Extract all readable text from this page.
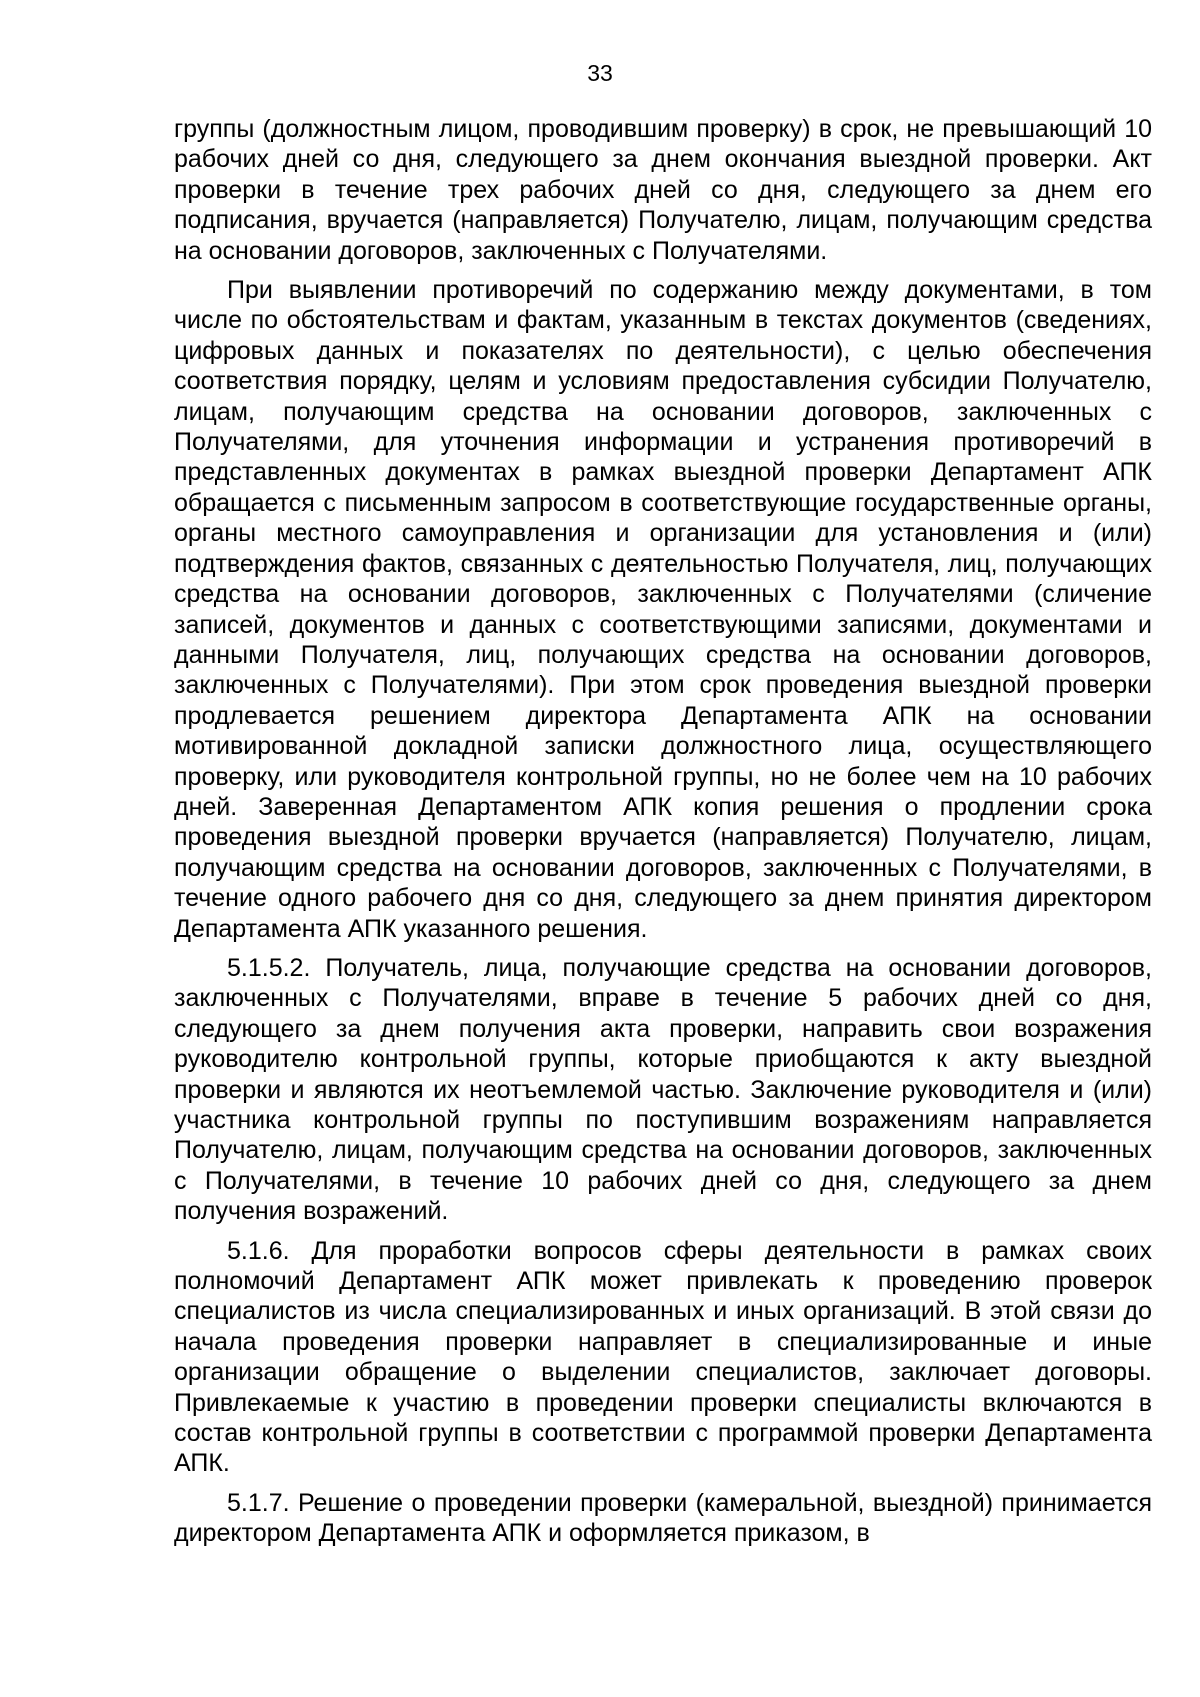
33

группы (должностным лицом, проводившим проверку) в срок, не превышающий 10 рабочих дней со дня, следующего за днем окончания выездной проверки. Акт проверки в течение трех рабочих дней со дня, следующего за днем его подписания, вручается (направляется) Получателю, лицам, получающим средства на основании договоров, заключенных с Получателями.

При выявлении противоречий по содержанию между документами, в том числе по обстоятельствам и фактам, указанным в текстах документов (сведениях, цифровых данных и показателях по деятельности), с целью обеспечения соответствия порядку, целям и условиям предоставления субсидии Получателю, лицам, получающим средства на основании договоров, заключенных с Получателями, для уточнения информации и устранения противоречий в представленных документах в рамках выездной проверки Департамент АПК обращается с письменным запросом в соответствующие государственные органы, органы местного самоуправления и организации для установления и (или) подтверждения фактов, связанных с деятельностью Получателя, лиц, получающих средства на основании договоров, заключенных с Получателями (сличение записей, документов и данных с соответствующими записями, документами и данными Получателя, лиц, получающих средства на основании договоров, заключенных с Получателями). При этом срок проведения выездной проверки продлевается решением директора Департамента АПК на основании мотивированной докладной записки должностного лица, осуществляющего проверку, или руководителя контрольной группы, но не более чем на 10 рабочих дней. Заверенная Департаментом АПК копия решения о продлении срока проведения выездной проверки вручается (направляется) Получателю, лицам, получающим средства на основании договоров, заключенных с Получателями, в течение одного рабочего дня со дня, следующего за днем принятия директором Департамента АПК указанного решения.

5.1.5.2. Получатель, лица, получающие средства на основании договоров, заключенных с Получателями, вправе в течение 5 рабочих дней со дня, следующего за днем получения акта проверки, направить свои возражения руководителю контрольной группы, которые приобщаются к акту выездной проверки и являются их неотъемлемой частью. Заключение руководителя и (или) участника контрольной группы по поступившим возражениям направляется Получателю, лицам, получающим средства на основании договоров, заключенных с Получателями, в течение 10 рабочих дней со дня, следующего за днем получения возражений.

5.1.6. Для проработки вопросов сферы деятельности в рамках своих полномочий Департамент АПК может привлекать к проведению проверок специалистов из числа специализированных и иных организаций. В этой связи до начала проведения проверки направляет в специализированные и иные организации обращение о выделении специалистов, заключает договоры. Привлекаемые к участию в проведении проверки специалисты включаются в состав контрольной группы в соответствии с программой проверки Департамента АПК.

5.1.7. Решение о проведении проверки (камеральной, выездной) принимается директором Департамента АПК и оформляется приказом, в
